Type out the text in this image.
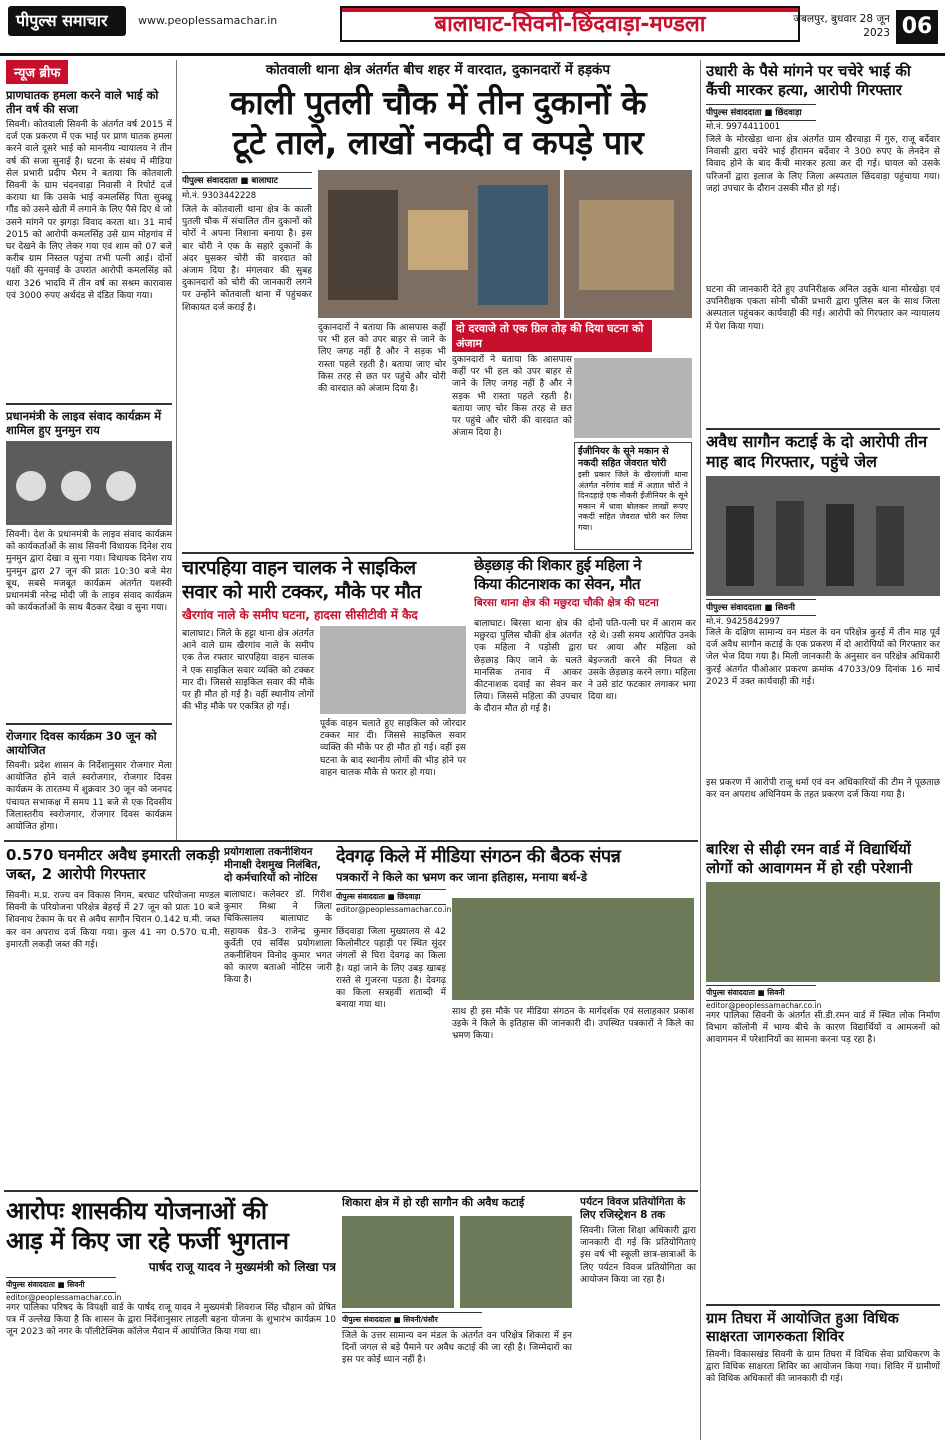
पीपुल्स समाचार	www.peoplessamachar.in	बालाघाट-सिवनी-छिंदवाड़ा-मण्डला	जबलपुर, बुधवार 28 जून 2023 06
न्यूज ब्रीफ
प्राणघातक हमला करने वाले भाई को तीन वर्ष की सजा
सिवनी। कोतवाली सिवनी के अंतर्गत वर्ष 2015 में दर्ज एक प्रकरण में एक भाई पर प्राण घातक हमला करने वाले दूसरे भाई को माननीय न्यायालय ने तीन वर्ष की सजा सुनाई है। घटना के संबंध में मीडिया सेल प्रभारी प्रदीप भैरम ने बताया कि कोतवाली सिवनी के ग्राम चंदनवाड़ा निवासी ने रिपोर्ट दर्ज कराया था कि उसके भाई कमलसिंह पिता सुक्खू गौंड को उसने खेती में लगाने के लिए पैसे दिए थे जो उसने मांगने पर झगड़ा विवाद करता था। 31 मार्च 2015 को आरोपी कमलसिंह उसे ग्राम मोहगांव में घर देखने के लिए लेकर गया एवं शाम को 07 बजे करीब ग्राम निस्तल पहुंचा तभी पत्नी आई। दोनों पक्षों की सुनवाई के उपरांत आरोपी कमलसिंह को धारा 326 भादवि में तीन वर्ष का सश्रम कारावास एवं 3000 रुपए अर्थदंड से दंडित किया गया।
प्रधानमंत्री के लाइव संवाद कार्यक्रम में शामिल हुए मुनमुन राय
सिवनी। देश के प्रधानमंत्री के लाइव संवाद कार्यक्रम को कार्यकर्ताओं के साथ सिवनी विधायक दिनेश राय मुनमुन द्वारा देखा व सुना गया। विधायक दिनेश राय मुनमुन द्वारा 27 जून की प्रातः 10:30 बजे मेरा बूथ, सबसे मजबूत कार्यक्रम अंतर्गत यशस्वी प्रधानमंत्री नरेन्द्र मोदी जी के लाइव संवाद कार्यक्रम को कार्यकर्ताओं के साथ बैठकर देखा व सुना गया।
रोजगार दिवस कार्यक्रम 30 जून को आयोजित
सिवनी। प्रदेश शासन के निर्देशानुसार रोजगार मेला आयोजित होने वाले स्वरोजगार, रोजगार दिवस कार्यक्रम के तारतम्य में शुक्रवार 30 जून को जनपद पंचायत सभाकक्ष में समय 11 बजे से एक दिवसीय जिलास्तरीय स्वरोजगार, रोजगार दिवस कार्यक्रम आयोजित होगा।
कोतवाली थाना क्षेत्र अंतर्गत बीच शहर में वारदात, दुकानदारों में हड़कंप
काली पुतली चौक में तीन दुकानों के
टूटे ताले, लाखों नकदी व कपड़े पार
पीपुल्स संवाददाता ■ बालाघाट
मो.नं. 9303442228
जिले के कोतवाली थाना क्षेत्र के काली पुतली चौक में संचालित तीन दुकानों को चोरों ने अपना निशाना बनाया है। इस बार चोरी ने एक के सहारे दुकानों के अंदर घुसकर चोरी की वारदात को अंजाम दिया है। मंगलवार की सुबह दुकानदारों को चोरी की जानकारी लगने पर उन्होंने कोतवाली थाना में पहुंचकर शिकायत दर्ज कराई है।
दो दरवाजे तो एक ग्रिल तोड़ की दिया घटना को अंजाम
दुकानदारों ने बताया कि आसपास कहीं पर भी हल को उपर बाहर से जाने के लिए जगह नहीं है और ने सड़क भी रास्ता पहले रहती है। बताया जाए चोर किस तरह से छत पर पहुंचे और चोरी की वारदात को अंजाम दिया है।
दुकानदारों ने बताया कि आसपास कहीं पर भी हल को उपर बाहर से जाने के लिए जगह नहीं है और ने सड़क भी रास्ता पहले रहती है। बताया जाए चोर किस तरह से छत पर पहुंचे और चोरी की वारदात को अंजाम दिया है।
ईंजीनियर के सूने मकान से नकदी सहित जेवरात चोरी
इसी प्रकार जिले के खैरलांजी थाना अंतर्गत नरेंगांव वार्ड में अज्ञात चोरों ने दिनदहाड़े एक नौकरी ईंजीनियर के सूने मकान में धावा बोलकर लाखों रूपए नकदी सहित जेवरात चोरी कर लिया गया।
उधारी के पैसे मांगने पर चचेरे भाई की कैंची मारकर हत्या, आरोपी गिरफ्तार
पीपुल्स संवाददाता ■ छिंदवाड़ा
मो.नं. 9974411001
जिले के मोरखेड़ा थाना क्षेत्र अंतर्गत ग्राम खैरवाड़ा में गुरु, राजू बर्देवार निवासी द्वारा चचेरे भाई हीरामन बर्देवार ने 300 रुपए के लेनदेन से विवाद होने के बाद कैंची मारकर हत्या कर दी गई। घायल को उसके परिजनों द्वारा इलाज के लिए जिला अस्पताल छिंदवाड़ा पहुंचाया गया। जहां उपचार के दौरान उसकी मौत हो गई।
घटना की जानकारी देते हुए उपनिरीक्षक अनिल उइके थाना मोरखेड़ा एवं उपनिरीक्षक एकता सोनी चौकी प्रभारी द्वारा पुलिस बल के साथ जिला अस्पताल पहुंचकर कार्यवाही की गई। आरोपी को गिरफ्तार कर न्यायालय में पेश किया गया।
अवैध सागौन कटाई के दो आरोपी तीन माह बाद गिरफ्तार, पहुंचे जेल
पीपुल्स संवाददाता ■ सिवनी
मो.नं. 9425842997
जिले के दक्षिण सामान्य वन मंडल के वन परिक्षेत्र कुरई में तीन माह पूर्व दर्ज अवैध सागौन कटाई के एक प्रकरण में दो आरोपियों को गिरफ्तार कर जेल भेज दिया गया है। मिली जानकारी के अनुसार वन परिक्षेत्र अधिकारी कुरई अंतर्गत पीओआर प्रकरण क्रमांक 47033/09 दिनांक 16 मार्च 2023 में उक्त कार्यवाही की गई।
इस प्रकरण में आरोपी राजू धर्मा एवं वन अधिकारियों की टीम ने पूछताछ कर वन अपराध अधिनियम के तहत प्रकरण दर्ज किया गया है।
चारपहिया वाहन चालक ने साइकिल
सवार को मारी टक्कर, मौके पर मौत
खैरगांव नाले के समीप घटना, हादसा सीसीटीवी में कैद
बालाघाट। जिले के हट्टा थाना क्षेत्र अंतर्गत आने वाले ग्राम खैरगांव नाले के समीप एक तेज रफ्तार चारपहिया वाहन चालक ने एक साइकिल सवार व्यक्ति को टक्कर मार दी। जिससे साइकिल सवार की मौके पर ही मौत हो गई है। वहीं स्थानीय लोगों की भीड़ मौके पर एकत्रित हो गई।
पूर्वक वाहन चलाते हुए साइकिल को जोरदार टक्कर मार दी। जिससे साइकिल सवार व्यक्ति की मौके पर ही मौत हो गई। वहीं इस घटना के बाद स्थानीय लोगों की भीड़ होने पर वाहन चालक मौके से फरार हो गया।
छेड़छाड़ की शिकार हुई महिला ने
किया कीटनाशक का सेवन, मौत
बिरसा थाना क्षेत्र की मछुरदा चौकी क्षेत्र की घटना
बालाघाट। बिरसा थाना क्षेत्र की मछुरदा पुलिस चौकी क्षेत्र अंतर्गत एक महिला ने पड़ोसी द्वारा छेड़छाड़ किए जाने के चलते मानसिक तनाव में आकर कीटनाशक दवाई का सेवन कर लिया। जिससे महिला की उपचार के दौरान मौत हो गई है।
दोनों पति-पत्नी घर में आराम कर रहे थे। उसी समय आरोपित उनके घर आया और महिला को बेइज्जती करने की नियत से उसके छेड़छाड़ करने लगा। महिला ने उसे डांट फटकार लगाकर भगा दिया था।
0.570 घनमीटर अवैध इमारती लकड़ी जब्त, 2 आरोपी गिरफ्तार
सिवनी। म.प्र. राज्य वन विकास निगम, बरघाट परियोजना मण्डल सिवनी के परियोजना परिक्षेत्र बेहरई में 27 जून को प्रातः 10 बजे शिवनाथ टेकाम के घर से अवैध सागौन चिरान 0.142 घ.मी. जब्त कर वन अपराध दर्ज किया गया। कुल 41 नग 0.570 घ.मी. इमारती लकड़ी जब्त की गई।
प्रयोगशाला तकनीशियन
मीनाक्षी देशमुख निलंबित,
दो कर्मचारियों को नोटिस
बालाघाट। कलेक्टर डॉ. गिरीश कुमार मिश्रा ने जिला चिकित्सालय बालाघाट के सहायक ग्रेड-3 राजेन्द्र कुमार कुर्वेती एवं सर्विस प्रयोगशाला तकनीशियन विनोद कुमार भगत को कारण बताओ नोटिस जारी किया है।
देवगढ़ किले में मीडिया संगठन की बैठक संपन्न
पत्रकारों ने किले का भ्रमण कर जाना इतिहास, मनाया बर्थ-डे
पीपुल्स संवाददाता ■ छिंदवाड़ा
editor@peoplessamachar.co.in
छिंदवाड़ा जिला मुख्यालय से 42 किलोमीटर पहाड़ी पर स्थित सुंदर जंगलों से घिरा देवगढ़ का किला है। यहां जाने के लिए उबड़ खाबड़ रास्ते से गुजरना पड़ता है। देवगढ़ का किला सत्रहवीं शताब्दी में बनाया गया था।
साथ ही इस मौके पर मीडिया संगठन के मार्गदर्शक एवं सलाहकार प्रकाश उइके ने किले के इतिहास की जानकारी दी। उपस्थित पत्रकारों ने किले का भ्रमण किया।
बारिश से सीढ़ी रमन वार्ड में विद्यार्थियों लोगों को आवागमन में हो रही परेशानी
पीपुल्स संवाददाता ■ सिवनी
editor@peoplessamachar.co.in
नगर पालिका सिवनी के अंतर्गत सी.डी.रमन वार्ड में स्थित लोक निर्माण विभाग कॉलोनी में भाग्य बीचे के कारण विद्यार्थियों व आमजनों को आवागमन में परेशानियों का सामना करना पड़ रहा है।
आरोपः शासकीय योजनाओं की
आड़ में किए जा रहे फर्जी भुगतान
पार्षद राजू यादव ने मुख्यमंत्री को लिखा पत्र
पीपुल्स संवाददाता ■ सिवनी
editor@peoplessamachar.co.in
नगर पालिका परिषद के विपक्षी वार्ड के पार्षद राजू यादव ने मुख्यमंत्री शिवराज सिंह चौहान को प्रेषित पत्र में उल्लेख किया है कि शासन के द्वारा निर्देशानुसार लाड़ली बहना योजना के शुभारंभ कार्यक्रम 10 जून 2023 को नगर के पॉलीटेक्निक कॉलेज मैदान में आयोजित किया गया था।
शिकारा क्षेत्र में हो रही सागौन की अवैध कटाई
पीपुल्स संवाददाता ■ सिवनी/घंसौर
जिले के उत्तर सामान्य वन मंडल के अंतर्गत वन परिक्षेत्र शिकारा में इन दिनों जंगल से बड़े पैमाने पर अवैध कटाई की जा रही है। जिम्मेदारों का इस पर कोई ध्यान नहीं है।
पर्यटन विवज प्रतियोगिता के लिए रजिस्ट्रेशन 8 तक
सिवनी। जिला शिक्षा अधिकारी द्वारा जानकारी दी गई कि प्रतियोगिताएं इस वर्ष भी स्कूली छात्र-छात्राओं के लिए पर्यटन विवज प्रतियोगिता का आयोजन किया जा रहा है।
ग्राम तिघरा में आयोजित हुआ विधिक साक्षरता जागरुकता शिविर
सिवनी। विकासखंड सिवनी के ग्राम तिघरा में विधिक सेवा प्राधिकरण के द्वारा विधिक साक्षरता शिविर का आयोजन किया गया। शिविर में ग्रामीणों को विधिक अधिकारों की जानकारी दी गई।
